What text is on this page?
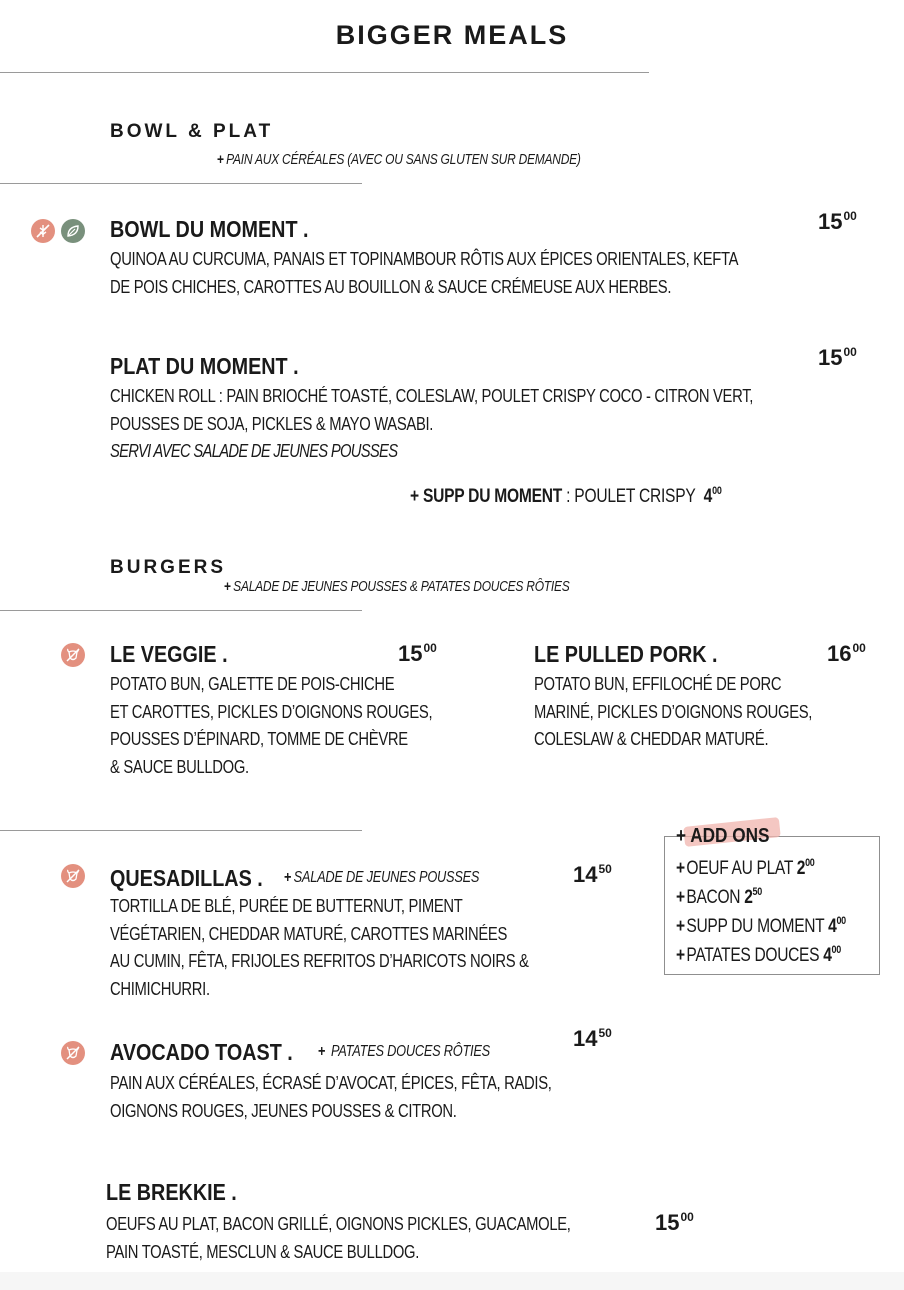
BIGGER MEALS
BOWL & PLAT
+ PAIN AUX CÉRÉALES (AVEC OU SANS GLUTEN SUR DEMANDE)
BOWL DU MOMENT .	$15^{00}$
QUINOA AU CURCUMA, PANAIS ET TOPINAMBOUR RÔTIS AUX ÉPICES ORIENTALES, KEFTA
DE POIS CHICHES, CAROTTES AU BOUILLON & SAUCE CRÉMEUSE AUX HERBES.
PLAT DU MOMENT .	$15^{00}$
CHICKEN ROLL : PAIN BRIOCHÉ TOASTÉ, COLESLAW, POULET CRISPY COCO - CITRON VERT,
POUSSES DE SOJA, PICKLES & MAYO WASABI.
SERVI AVEC SALADE DE JEUNES POUSSES
+ SUPP DU MOMENT : POULET CRISPY $4^{00}$
BURGERS
+ SALADE DE JEUNES POUSSES & PATATES DOUCES RÔTIES
LE VEGGIE .	$15^{00}$
POTATO BUN, GALETTE DE POIS-CHICHE
ET CAROTTES, PICKLES D’OIGNONS ROUGES,
POUSSES D’ÉPINARD, TOMME DE CHÈVRE
& SAUCE BULLDOG.
LE PULLED PORK .	$16^{00}$
POTATO BUN, EFFILOCHÉ DE PORC
MARINÉ, PICKLES D’OIGNONS ROUGES,
COLESLAW & CHEDDAR MATURÉ.
+ ADD ONS
+OEUF AU PLAT $2^{00}$
+BACON $2^{50}$
+SUPP DU MOMENT $4^{00}$
+PATATES DOUCES $4^{00}$
QUESADILLAS . + SALADE DE JEUNES POUSSES	$14^{50}$
TORTILLA DE BLÉ, PURÉE DE BUTTERNUT, PIMENT
VÉGÉTARIEN, CHEDDAR MATURÉ, CAROTTES MARINÉES
AU CUMIN, FÊTA, FRIJOLES REFRITOS D’HARICOTS NOIRS &
CHIMICHURRI.
AVOCADO TOAST . + PATATES DOUCES RÔTIES
$14^{50}$
PAIN AUX CÉRÉALES, ÉCRASÉ D’AVOCAT, ÉPICES, FÊTA, RADIS,
OIGNONS ROUGES, JEUNES POUSSES & CITRON.
LE BREKKIE .
$15^{00}$
OEUFS AU PLAT, BACON GRILLÉ, OIGNONS PICKLES, GUACAMOLE,
PAIN TOASTÉ, MESCLUN & SAUCE BULLDOG.
